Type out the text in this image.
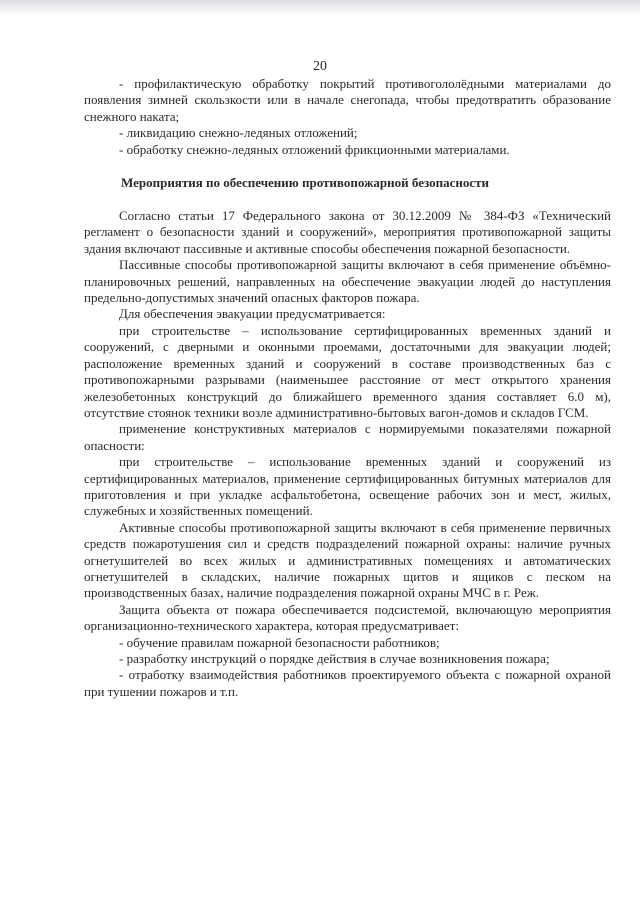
20

- профилактическую обработку покрытий противогололёдными материалами до появления зимней скользкости или в начале снегопада, чтобы предотвратить образование снежного наката;

- ликвидацию снежно-ледяных отложений;

- обработку снежно-ледяных отложений фрикционными материалами.

Мероприятия по обеспечению противопожарной безопасности

Согласно статьи 17 Федерального закона от 30.12.2009 № 384-ФЗ «Технический регламент о безопасности зданий и сооружений», мероприятия противопожарной защиты здания включают пассивные и активные способы обеспечения пожарной безопасности.

Пассивные способы противопожарной защиты включают в себя применение объёмно-планировочных решений, направленных на обеспечение эвакуации людей до наступления предельно-допустимых значений опасных факторов пожара.

Для обеспечения эвакуации предусматривается:

при строительстве – использование сертифицированных временных зданий и сооружений, с дверными и оконными проемами, достаточными для эвакуации людей; расположение временных зданий и сооружений в составе производственных баз с противопожарными разрывами (наименьшее расстояние от мест открытого хранения железобетонных конструкций до ближайшего временного здания составляет 6.0 м), отсутствие стоянок техники возле административно-бытовых вагон-домов и складов ГСМ.

применение конструктивных материалов с нормируемыми показателями пожарной опасности:

при строительстве – использование временных зданий и сооружений из сертифицированных материалов, применение сертифицированных битумных материалов для приготовления и при укладке асфальтобетона, освещение рабочих зон и мест, жилых, служебных и хозяйственных помещений.

Активные способы противопожарной защиты включают в себя применение первичных средств пожаротушения сил и средств подразделений пожарной охраны: наличие ручных огнетушителей во всех жилых и административных помещениях и автоматических огнетушителей в складских, наличие пожарных щитов и ящиков с песком на производственных базах, наличие подразделения пожарной охраны МЧС в г. Реж.

Защита объекта от пожара обеспечивается подсистемой, включающую мероприятия организационно-технического характера, которая предусматривает:

- обучение правилам пожарной безопасности работников;

- разработку инструкций о порядке действия в случае возникновения пожара;

- отработку взаимодействия работников проектируемого объекта с пожарной охраной при тушении пожаров и т.п.
